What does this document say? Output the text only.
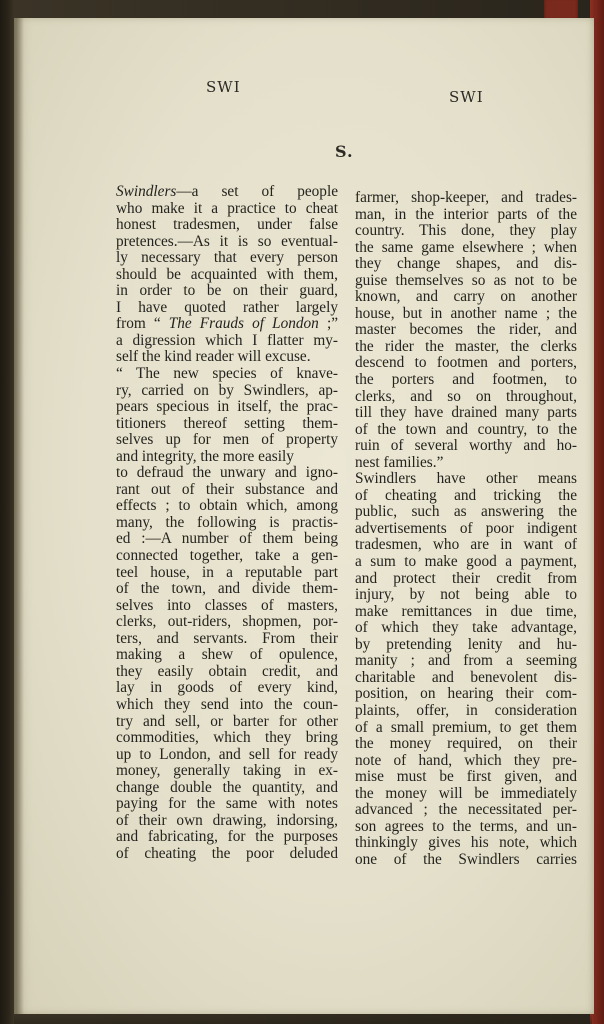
SWI
SWI
S.
Swindlers—a set of people
who make it a practice to cheat
honest tradesmen, under false
pretences.—As it is so eventual-
ly necessary that every person
should be acquainted with them,
in order to be on their guard,
I have quoted rather largely
from “ The Frauds of London ;”
a digression which I flatter my-
self the kind reader will excuse.
“ The new species of knave-
ry, carried on by Swindlers, ap-
pears specious in itself, the prac-
titioners thereof setting them-
selves up for men of property
and integrity, the more easily
to defraud the unwary and igno-
rant out of their substance and
effects ; to obtain which, among
many, the following is practis-
ed :—A number of them being
connected together, take a gen-
teel house, in a reputable part
of the town, and divide them-
selves into classes of masters,
clerks, out-riders, shopmen, por-
ters, and servants. From their
making a shew of opulence,
they easily obtain credit, and
lay in goods of every kind,
which they send into the coun-
try and sell, or barter for other
commodities, which they bring
up to London, and sell for ready
money, generally taking in ex-
change double the quantity, and
paying for the same with notes
of their own drawing, indorsing,
and fabricating, for the purposes
of cheating the poor deluded
farmer, shop-keeper, and trades-
man, in the interior parts of the
country. This done, they play
the same game elsewhere ; when
they change shapes, and dis-
guise themselves so as not to be
known, and carry on another
house, but in another name ; the
master becomes the rider, and
the rider the master, the clerks
descend to footmen and porters,
the porters and footmen, to
clerks, and so on throughout,
till they have drained many parts
of the town and country, to the
ruin of several worthy and ho-
nest families.”
Swindlers have other means
of cheating and tricking the
public, such as answering the
advertisements of poor indigent
tradesmen, who are in want of
a sum to make good a payment,
and protect their credit from
injury, by not being able to
make remittances in due time,
of which they take advantage,
by pretending lenity and hu-
manity ; and from a seeming
charitable and benevolent dis-
position, on hearing their com-
plaints, offer, in consideration
of a small premium, to get them
the money required, on their
note of hand, which they pre-
mise must be first given, and
the money will be immediately
advanced ; the necessitated per-
son agrees to the terms, and un-
thinkingly gives his note, which
one of the Swindlers carries
